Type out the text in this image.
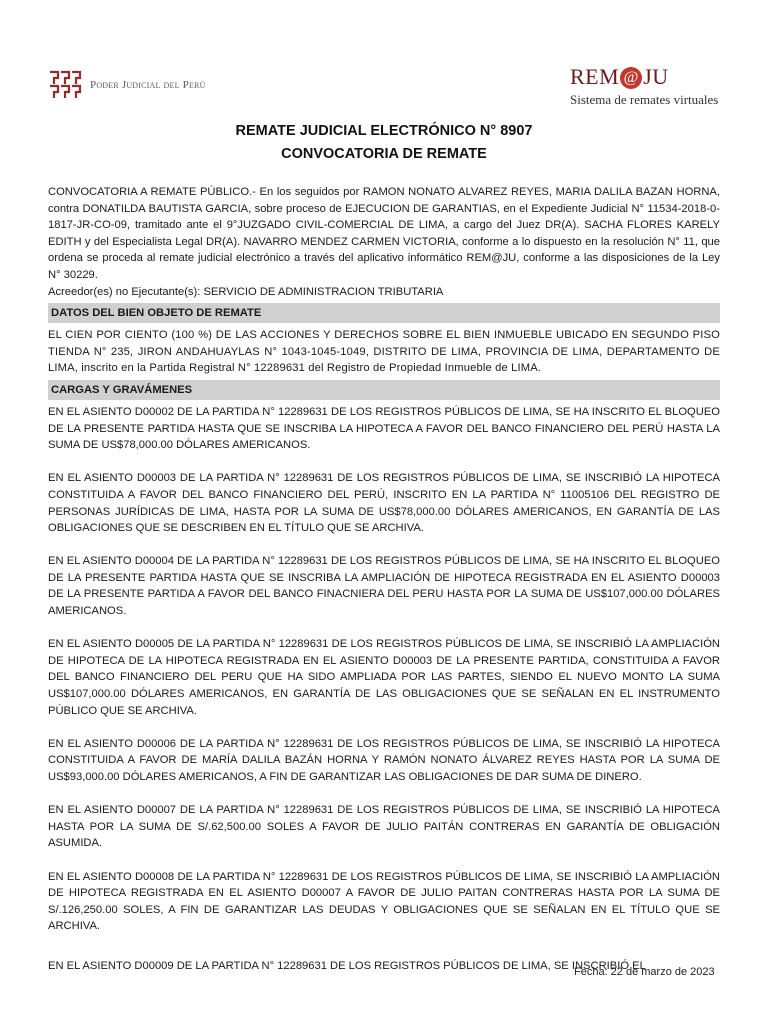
Poder Judicial del Perú	REM @ JU
Sistema de remates virtuales
REMATE JUDICIAL ELECTRÓNICO N° 8907
CONVOCATORIA DE REMATE

CONVOCATORIA A REMATE PÚBLICO.- En los seguidos por RAMON NONATO ALVAREZ REYES, MARIA DALILA BAZAN HORNA, contra DONATILDA BAUTISTA GARCIA, sobre proceso de EJECUCION DE GARANTIAS, en el Expediente Judicial N° 11534-2018-0-1817-JR-CO-09, tramitado ante el 9°JUZGADO CIVIL-COMERCIAL DE LIMA, a cargo del Juez DR(A). SACHA FLORES KARELY EDITH y del Especialista Legal DR(A). NAVARRO MENDEZ CARMEN VICTORIA, conforme a lo dispuesto en la resolución N° 11, que ordena se proceda al remate judicial electrónico a través del aplicativo informático REM@JU, conforme a las disposiciones de la Ley N° 30229.

Acreedor(es) no Ejecutante(s): SERVICIO DE ADMINISTRACION TRIBUTARIA

DATOS DEL BIEN OBJETO DE REMATE

EL CIEN POR CIENTO (100 %) DE LAS ACCIONES Y DERECHOS SOBRE EL BIEN INMUEBLE UBICADO EN SEGUNDO PISO TIENDA N° 235, JIRON ANDAHUAYLAS N° 1043-1045-1049, DISTRITO DE LIMA, PROVINCIA DE LIMA, DEPARTAMENTO DE LIMA, inscrito en la Partida Registral N° 12289631 del Registro de Propiedad Inmueble de LIMA.

CARGAS Y GRAVÁMENES

EN EL ASIENTO D00002 DE LA PARTIDA N° 12289631 DE LOS REGISTROS PÚBLICOS DE LIMA, SE HA INSCRITO EL BLOQUEO DE LA PRESENTE PARTIDA HASTA QUE SE INSCRIBA LA HIPOTECA A FAVOR DEL BANCO FINANCIERO DEL PERÚ HASTA LA SUMA DE US$78,000.00 DÓLARES AMERICANOS.

EN EL ASIENTO D00003 DE LA PARTIDA N° 12289631 DE LOS REGISTROS PÚBLICOS DE LIMA, SE INSCRIBIÓ LA HIPOTECA CONSTITUIDA A FAVOR DEL BANCO FINANCIERO DEL PERÚ, INSCRITO EN LA PARTIDA N° 11005106 DEL REGISTRO DE PERSONAS JURÍDICAS DE LIMA, HASTA POR LA SUMA DE US$78,000.00 DÓLARES AMERICANOS, EN GARANTÍA DE LAS OBLIGACIONES QUE SE DESCRIBEN EN EL TÍTULO QUE SE ARCHIVA.

EN EL ASIENTO D00004 DE LA PARTIDA N° 12289631 DE LOS REGISTROS PÚBLICOS DE LIMA, SE HA INSCRITO EL BLOQUEO DE LA PRESENTE PARTIDA HASTA QUE SE INSCRIBA LA AMPLIACIÓN DE HIPOTECA REGISTRADA EN EL ASIENTO D00003 DE LA PRESENTE PARTIDA A FAVOR DEL BANCO FINACNIERA DEL PERU HASTA POR LA SUMA DE US$107,000.00 DÓLARES AMERICANOS.

EN EL ASIENTO D00005 DE LA PARTIDA N° 12289631 DE LOS REGISTROS PÚBLICOS DE LIMA, SE INSCRIBIÓ LA AMPLIACIÓN DE HIPOTECA DE LA HIPOTECA REGISTRADA EN EL ASIENTO D00003 DE LA PRESENTE PARTIDA, CONSTITUIDA A FAVOR DEL BANCO FINANCIERO DEL PERU QUE HA SIDO AMPLIADA POR LAS PARTES, SIENDO EL NUEVO MONTO LA SUMA US$107,000.00 DÓLARES AMERICANOS, EN GARANTÍA DE LAS OBLIGACIONES QUE SE SEÑALAN EN EL INSTRUMENTO PÚBLICO QUE SE ARCHIVA.

EN EL ASIENTO D00006 DE LA PARTIDA N° 12289631 DE LOS REGISTROS PÚBLICOS DE LIMA, SE INSCRIBIÓ LA HIPOTECA CONSTITUIDA A FAVOR DE MARÍA DALILA BAZÁN HORNA Y RAMÓN NONATO ÁLVAREZ REYES HASTA POR LA SUMA DE US$93,000.00 DÓLARES AMERICANOS, A FIN DE GARANTIZAR LAS OBLIGACIONES DE DAR SUMA DE DINERO.

EN EL ASIENTO D00007 DE LA PARTIDA N° 12289631 DE LOS REGISTROS PÚBLICOS DE LIMA, SE INSCRIBIÓ LA HIPOTECA HASTA POR LA SUMA DE S/.62,500.00 SOLES A FAVOR DE JULIO PAITÁN CONTRERAS EN GARANTÍA DE OBLIGACIÓN ASUMIDA.

EN EL ASIENTO D00008 DE LA PARTIDA N° 12289631 DE LOS REGISTROS PÚBLICOS DE LIMA, SE INSCRIBIÓ LA AMPLIACIÓN DE HIPOTECA REGISTRADA EN EL ASIENTO D00007 A FAVOR DE JULIO PAITAN CONTRERAS HASTA POR LA SUMA DE S/.126,250.00 SOLES, A FIN DE GARANTIZAR LAS DEUDAS Y OBLIGACIONES QUE SE SEÑALAN EN EL TÍTULO QUE SE ARCHIVA.

EN EL ASIENTO D00009 DE LA PARTIDA N° 12289631 DE LOS REGISTROS PÚBLICOS DE LIMA, SE INSCRIBIÓ EL
Fecha: 22 de marzo de 2023
